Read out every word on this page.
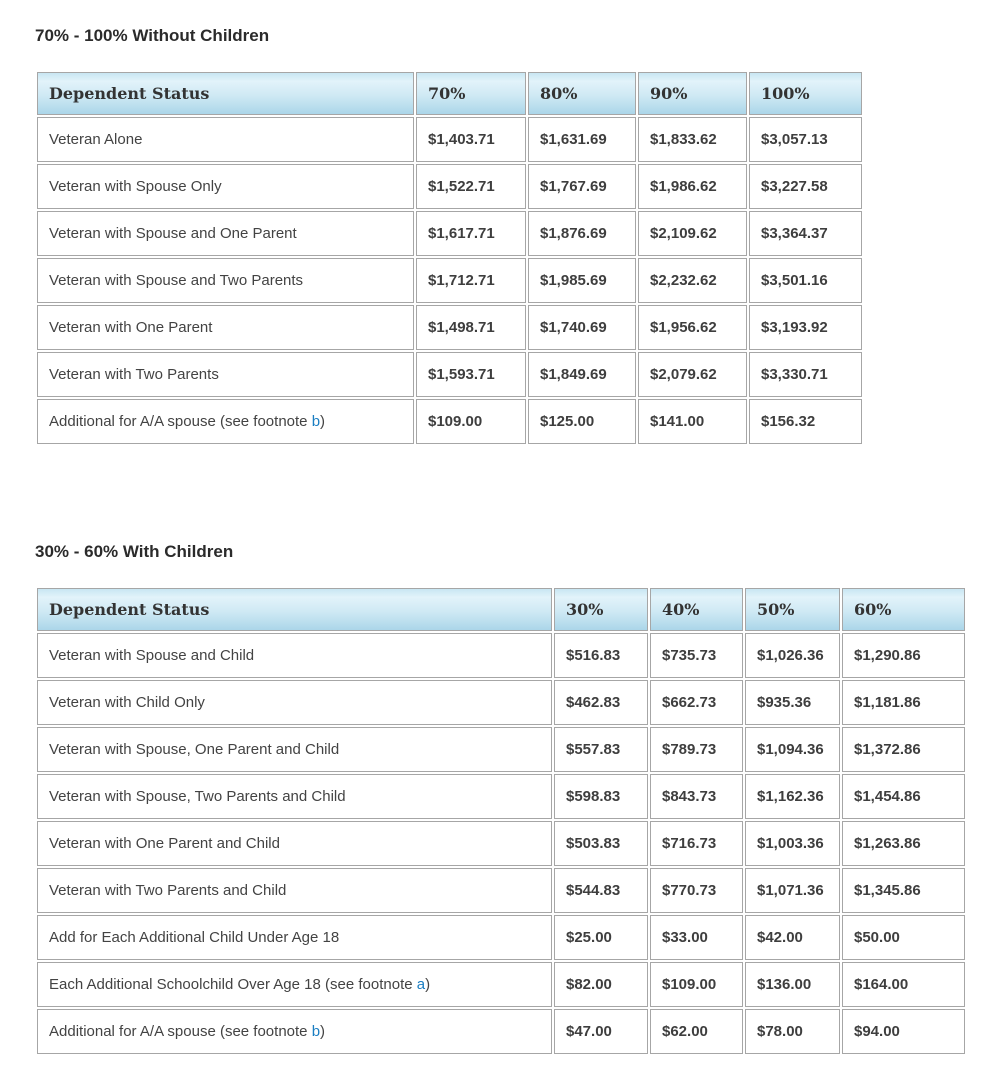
70% - 100% Without Children
Dependent Status	70%	80%	90%	100%
Veteran Alone	$1,403.71	$1,631.69	$1,833.62	$3,057.13
Veteran with Spouse Only	$1,522.71	$1,767.69	$1,986.62	$3,227.58
Veteran with Spouse and One Parent	$1,617.71	$1,876.69	$2,109.62	$3,364.37
Veteran with Spouse and Two Parents	$1,712.71	$1,985.69	$2,232.62	$3,501.16
Veteran with One Parent	$1,498.71	$1,740.69	$1,956.62	$3,193.92
Veteran with Two Parents	$1,593.71	$1,849.69	$2,079.62	$3,330.71
Additional for A/A spouse (see footnote b)	$109.00	$125.00	$141.00	$156.32
30% - 60% With Children
Dependent Status	30%	40%	50%	60%
Veteran with Spouse and Child	$516.83	$735.73	$1,026.36	$1,290.86
Veteran with Child Only	$462.83	$662.73	$935.36	$1,181.86
Veteran with Spouse, One Parent and Child	$557.83	$789.73	$1,094.36	$1,372.86
Veteran with Spouse, Two Parents and Child	$598.83	$843.73	$1,162.36	$1,454.86
Veteran with One Parent and Child	$503.83	$716.73	$1,003.36	$1,263.86
Veteran with Two Parents and Child	$544.83	$770.73	$1,071.36	$1,345.86
Add for Each Additional Child Under Age 18	$25.00	$33.00	$42.00	$50.00
Each Additional Schoolchild Over Age 18 (see footnote a)	$82.00	$109.00	$136.00	$164.00
Additional for A/A spouse (see footnote b)	$47.00	$62.00	$78.00	$94.00
